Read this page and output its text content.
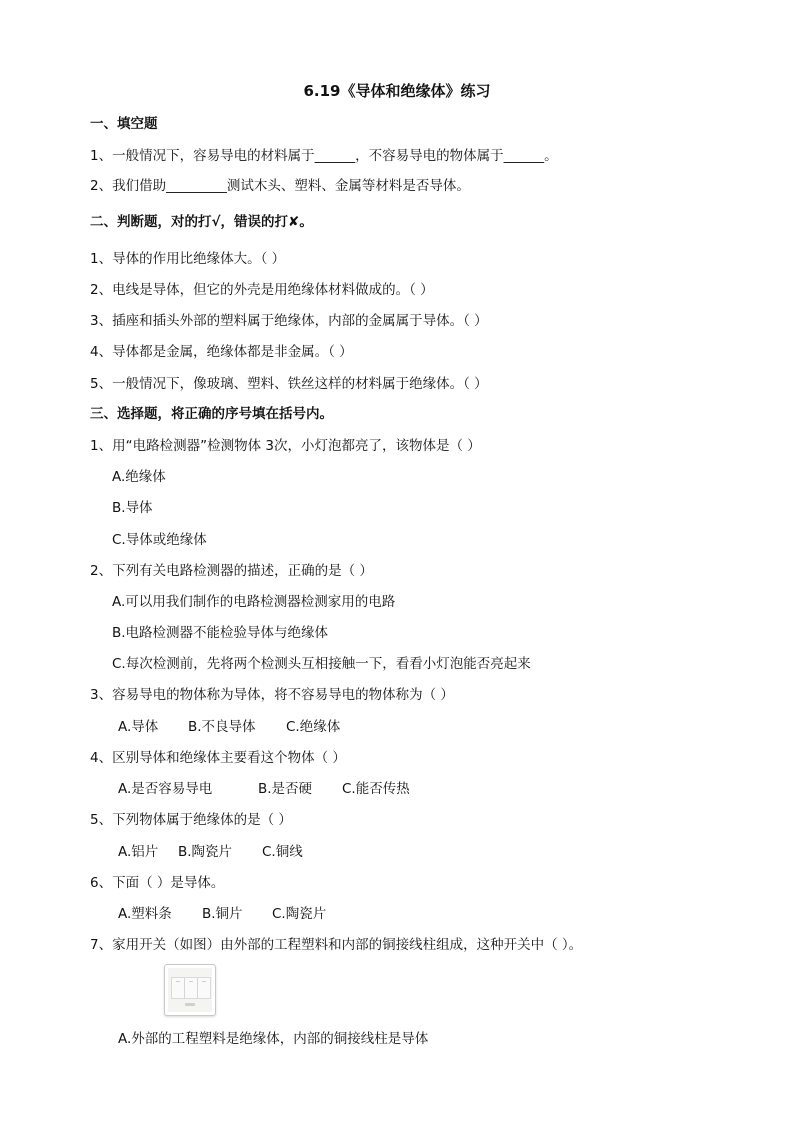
6.19《导体和绝缘体》练习
一、填空题
1、一般情况下，容易导电的材料属于______，不容易导电的物体属于______。
2、我们借助_________测试木头、塑料、金属等材料是否导体。
二、判断题，对的打√，错误的打✘。
1、导体的作用比绝缘体大。（ ）
2、电线是导体，但它的外壳是用绝缘体材料做成的。（ ）
3、插座和插头外部的塑料属于绝缘体，内部的金属属于导体。（ ）
4、导体都是金属，绝缘体都是非金属。（ ）
5、一般情况下，像玻璃、塑料、铁丝这样的材料属于绝缘体。（ ）
三、选择题，将正确的序号填在括号内。
1、用“电路检测器”检测物体 3次，小灯泡都亮了，该物体是（ ）
A.绝缘体
B.导体
C.导体或绝缘体
2、下列有关电路检测器的描述，正确的是（ ）
A.可以用我们制作的电路检测器检测家用的电路
B.电路检测器不能检验导体与绝缘体
C.每次检测前，先将两个检测头互相接触一下，看看小灯泡能否亮起来
3、容易导电的物体称为导体，将不容易导电的物体称为（ ）
A.导体 B.不良导体 C.绝缘体
4、区别导体和绝缘体主要看这个物体（ ）
A.是否容易导电	B.是否硬 C.能否传热
5、下列物体属于绝缘体的是（ ）
A.铝片 B.陶瓷片 C.铜线
6、下面（ ）是导体。
A.塑料条 B.铜片 C.陶瓷片
7、家用开关（如图）由外部的工程塑料和内部的铜接线柱组成，这种开关中（ ）。
A.外部的工程塑料是绝缘体，内部的铜接线柱是导体
